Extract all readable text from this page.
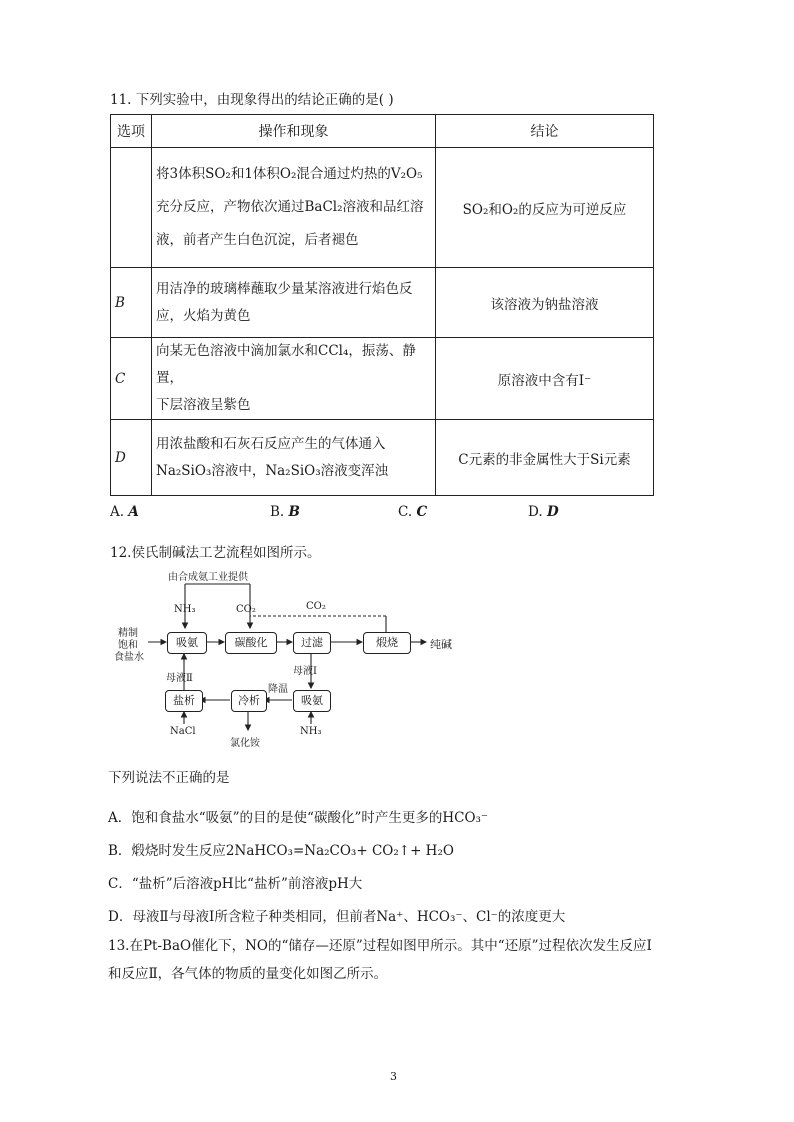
11. 下列实验中，由现象得出的结论正确的是( )
选项	操作和现象	结论

	将3体积SO₂和1体积O₂混合通过灼热的V₂O₅
充分反应，产物依次通过BaCl₂溶液和品红溶
液，前者产生白色沉淀，后者褪色	SO₂和O₂的反应为可逆反应
B	用洁净的玻璃棒蘸取少量某溶液进行焰色反
应，火焰为黄色	该溶液为钠盐溶液
C	向某无色溶液中滴加氯水和CCl₄，振荡、静置，
下层溶液呈紫色	原溶液中含有I⁻
D	用浓盐酸和石灰石反应产生的气体通入
Na₂SiO₃溶液中，Na₂SiO₃溶液变浑浊	C元素的非金属性大于Si元素
A. A	B. B	C. C	D. D
12.侯氏制碱法工艺流程如图所示。
由合成氨工业提供
NH₃	CO₂	CO₂
精制
饱和
食盐水
吸氨	碳酸化	过滤	煅烧	纯碱
母液Ⅱ
母液Ⅰ
降温
盐析	冷析	吸氨
NaCl
氯化铵
NH₃
下列说法不正确的是
A．饱和食盐水“吸氨”的目的是使“碳酸化”时产生更多的HCO₃⁻
B．煅烧时发生反应2NaHCO₃=Na₂CO₃+ CO₂↑+ H₂O
C．“盐析”后溶液pH比“盐析”前溶液pH大
D．母液Ⅱ与母液Ⅰ所含粒子种类相同，但前者Na⁺、HCO₃⁻、Cl⁻的浓度更大
13.在Pt-BaO催化下，NO的“储存—还原”过程如图甲所示。其中“还原”过程依次发生反应Ⅰ
和反应Ⅱ，各气体的物质的量变化如图乙所示。
3
